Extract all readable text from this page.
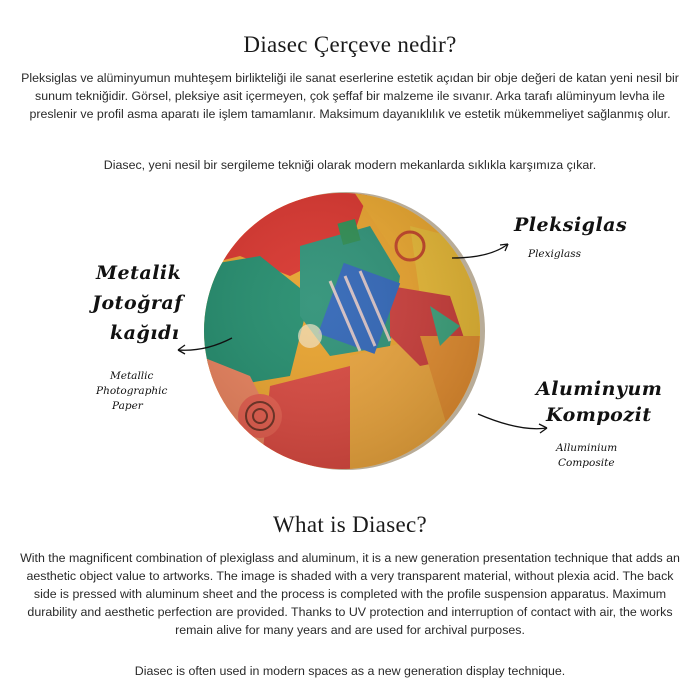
Diasec Çerçeve nedir?
Pleksiglas ve alüminyumun muhteşem birlikteliği ile sanat eserlerine estetik açıdan bir obje değeri de katan yeni nesil bir sunum tekniğidir. Görsel, pleksiye asit içermeyen, çok şeffaf bir malzeme ile sıvanır. Arka tarafı alüminyum levha ile preslenir ve profil asma aparatı ile işlem tamamlanır. Maksimum dayanıklılık ve estetik mükemmeliyet sağlanmış olur.
Diasec, yeni nesil bir sergileme tekniği olarak modern mekanlarda sıklıkla karşımıza çıkar.
Metalik
Jotoğraf
kağıdı
Metallic
Photographic
Paper
Pleksiglas
Plexiglass
Aluminyum
Kompozit
Alluminium
Composite
What is Diasec?
With the magnificent combination of plexiglass and aluminum, it is a new generation presentation technique that adds an aesthetic object value to artworks. The image is shaded with a very transparent material, without plexia acid. The back side is pressed with aluminum sheet and the process is completed with the profile suspension apparatus. Maximum durability and aesthetic perfection are provided. Thanks to UV protection and interruption of contact with air, the works remain alive for many years and are used for archival purposes.
Diasec is often used in modern spaces as a new generation display technique.
